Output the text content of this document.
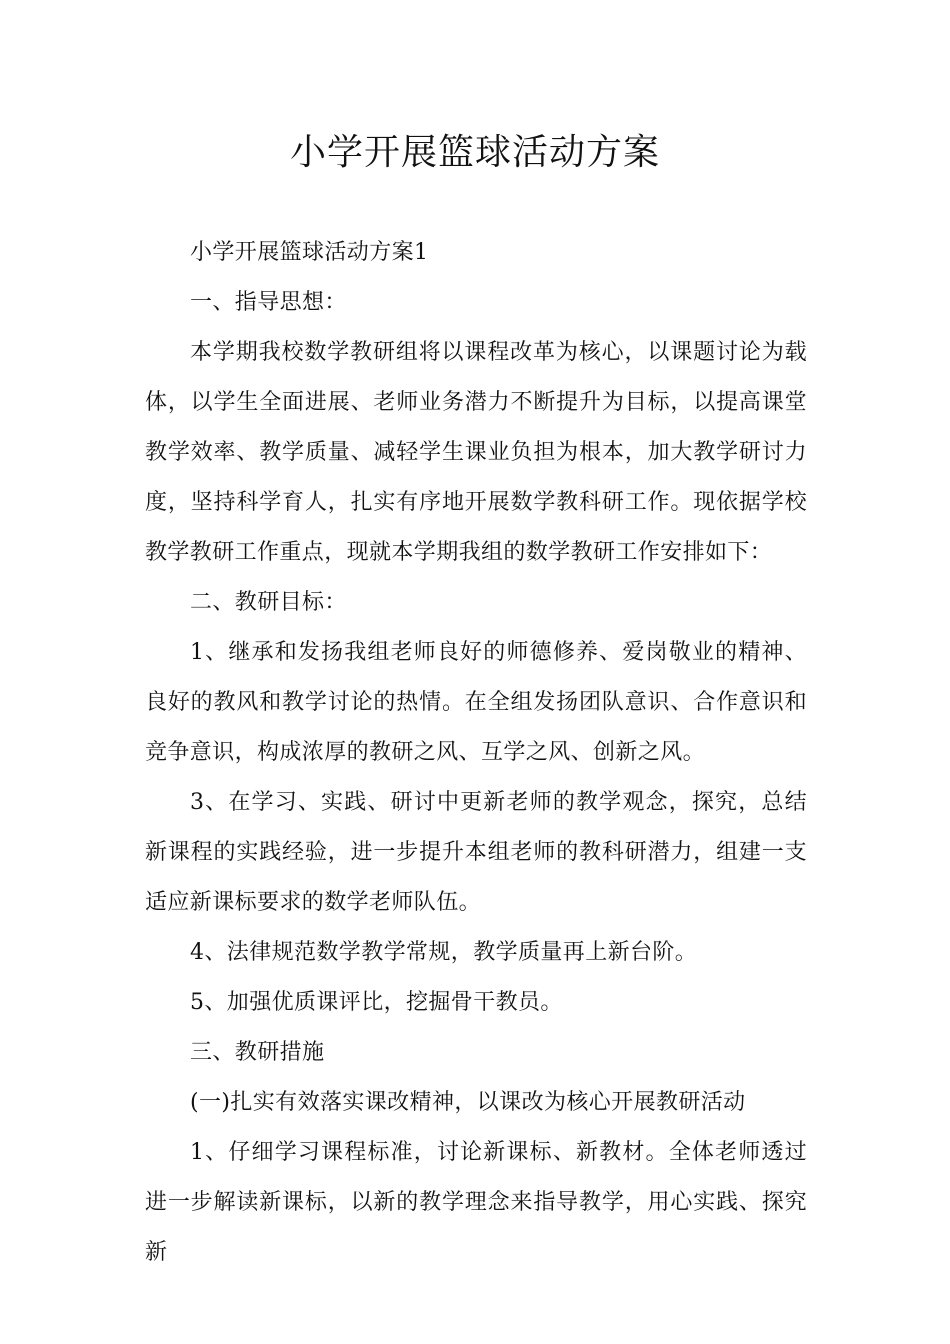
小学开展篮球活动方案

小学开展篮球活动方案1

一、指导思想：

本学期我校数学教研组将以课程改革为核心，以课题讨论为载体，以学生全面进展、老师业务潜力不断提升为目标，以提高课堂教学效率、教学质量、减轻学生课业负担为根本，加大教学研讨力度，坚持科学育人，扎实有序地开展数学教科研工作。现依据学校教学教研工作重点，现就本学期我组的数学教研工作安排如下：

二、教研目标：

1、继承和发扬我组老师良好的师德修养、爱岗敬业的精神、良好的教风和教学讨论的热情。在全组发扬团队意识、合作意识和竞争意识，构成浓厚的教研之风、互学之风、创新之风。

3、在学习、实践、研讨中更新老师的教学观念，探究，总结新课程的实践经验，进一步提升本组老师的教科研潜力，组建一支适应新课标要求的数学老师队伍。

4、法律规范数学教学常规，教学质量再上新台阶。

5、加强优质课评比，挖掘骨干教员。

三、教研措施

(一)扎实有效落实课改精神，以课改为核心开展教研活动

1、仔细学习课程标准，讨论新课标、新教材。全体老师透过进一步解读新课标，以新的教学理念来指导教学，用心实践、探究新
